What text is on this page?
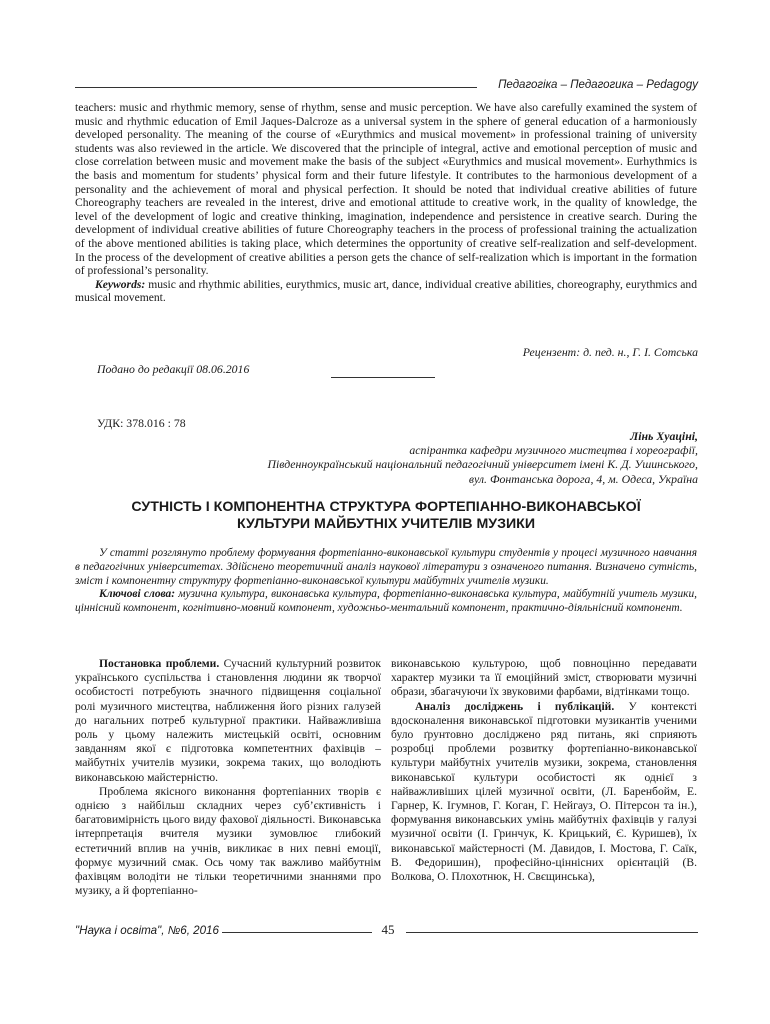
Педагогіка – Педагогика – Pedagogy

teachers: music and rhythmic memory, sense of rhythm, sense and music perception. We have also carefully examined the system of music and rhythmic education of Emil Jaques-Dalcroze as a universal system in the sphere of general education of a harmoniously developed personality. The meaning of the course of «Eurythmics and musical movement» in professional training of university students was also reviewed in the article. We discovered that the principle of integral, active and emotional perception of music and close correlation between music and movement make the basis of the subject «Eurythmics and musical movement». Eurhythmics is the basis and momentum for students’ physical form and their future lifestyle. It contributes to the harmonious development of a personality and the achievement of moral and physical perfection. It should be noted that individual creative abilities of future Choreography teachers are revealed in the interest, drive and emotional attitude to creative work, in the quality of knowledge, the level of the development of logic and creative thinking, imagination, independence and persistence in creative search. During the development of individual creative abilities of future Choreography teachers in the process of professional training the actualization of the above mentioned abilities is taking place, which determines the opportunity of creative self-realization and self-development. In the process of the development of creative abilities a person gets the chance of self-realization which is important in the formation of professional’s personality.

Keywords: music and rhythmic abilities, eurythmics, music art, dance, individual creative abilities, choreography, eurythmics and musical movement.

Рецензент: д. пед. н., Г. І. Сотська
Подано до редакції 08.06.2016
УДК: 378.016 : 78
Лінь Хуаціні,
аспірантка кафедри музичного мистецтва і хореографії,
Південноукраїнський національний педагогічний університет імені К. Д. Ушинського,
вул. Фонтанська дорога, 4, м. Одеса, Україна
СУТНІСТЬ І КОМПОНЕНТНА СТРУКТУРА ФОРТЕПІАННО-ВИКОНАВСЬКОЇ
КУЛЬТУРИ МАЙБУТНІХ УЧИТЕЛІВ МУЗИКИ

У статті розглянуто проблему формування фортепіанно-виконавської культури студентів у процесі музичного навчання в педагогічних університетах. Здійснено теоретичний аналіз наукової літератури з означеного питання. Визначено сутність, зміст і компонентну структуру фортепіанно-виконавської культури майбутніх учителів музики.

Ключові слова: музична культура, виконавська культура, фортепіанно-виконавська культура, майбутній учитель музики, ціннісний компонент, когнітивно-мовний компонент, художньо-ментальний компонент, практично-діяльнісний компонент.

Постановка проблеми. Сучасний культурний розвиток українського суспільства і становлення людини як творчої особистості потребують значного підвищення соціальної ролі музичного мистецтва, наближення його різних галузей до нагальних потреб культурної практики. Найважливіша роль у цьому належить мистецькій освіті, основним завданням якої є підготовка компетентних фахівців – майбутніх учителів музики, зокрема таких, що володіють виконавською майстерністю.

Проблема якісного виконання фортепіанних творів є однією з найбільш складних через суб’єктивність і багатовимірність цього виду фахової діяльності. Виконавська інтерпретація вчителя музики зумовлює глибокий естетичний вплив на учнів, викликає в них певні емоції, формує музичний смак. Ось чому так важливо майбутнім фахівцям володіти не тільки теоретичними знаннями про музику, а й фортепіанно-

виконавською культурою, щоб повноцінно передавати характер музики та її емоційний зміст, створювати музичні образи, збагачуючи їх звуковими фарбами, відтінками тощо.

Аналіз досліджень і публікацій. У контексті вдосконалення виконавської підготовки музикантів ученими було ґрунтовно досліджено ряд питань, які сприяють розробці проблеми розвитку фортепіанно-виконавської культури майбутніх учителів музики, зокрема, становлення виконавської культури особистості як однієї з найважливіших цілей музичної освіти, (Л. Баренбойм, Е. Гарнер, К. Ігумнов, Г. Коган, Г. Нейгауз, О. Пітерсон та ін.), формування виконавських умінь майбутніх фахівців у галузі музичної освіти (І. Гринчук, К. Крицький, Є. Куришев), їх виконавської майстерності (М. Давидов, І. Мостова, Г. Саїк, В. Федоришин), професійно-ціннісних орієнтацій (В. Волкова, О. Плохотнюк, Н. Свєщинська),

"Наука і освіта", №6, 2016	45
